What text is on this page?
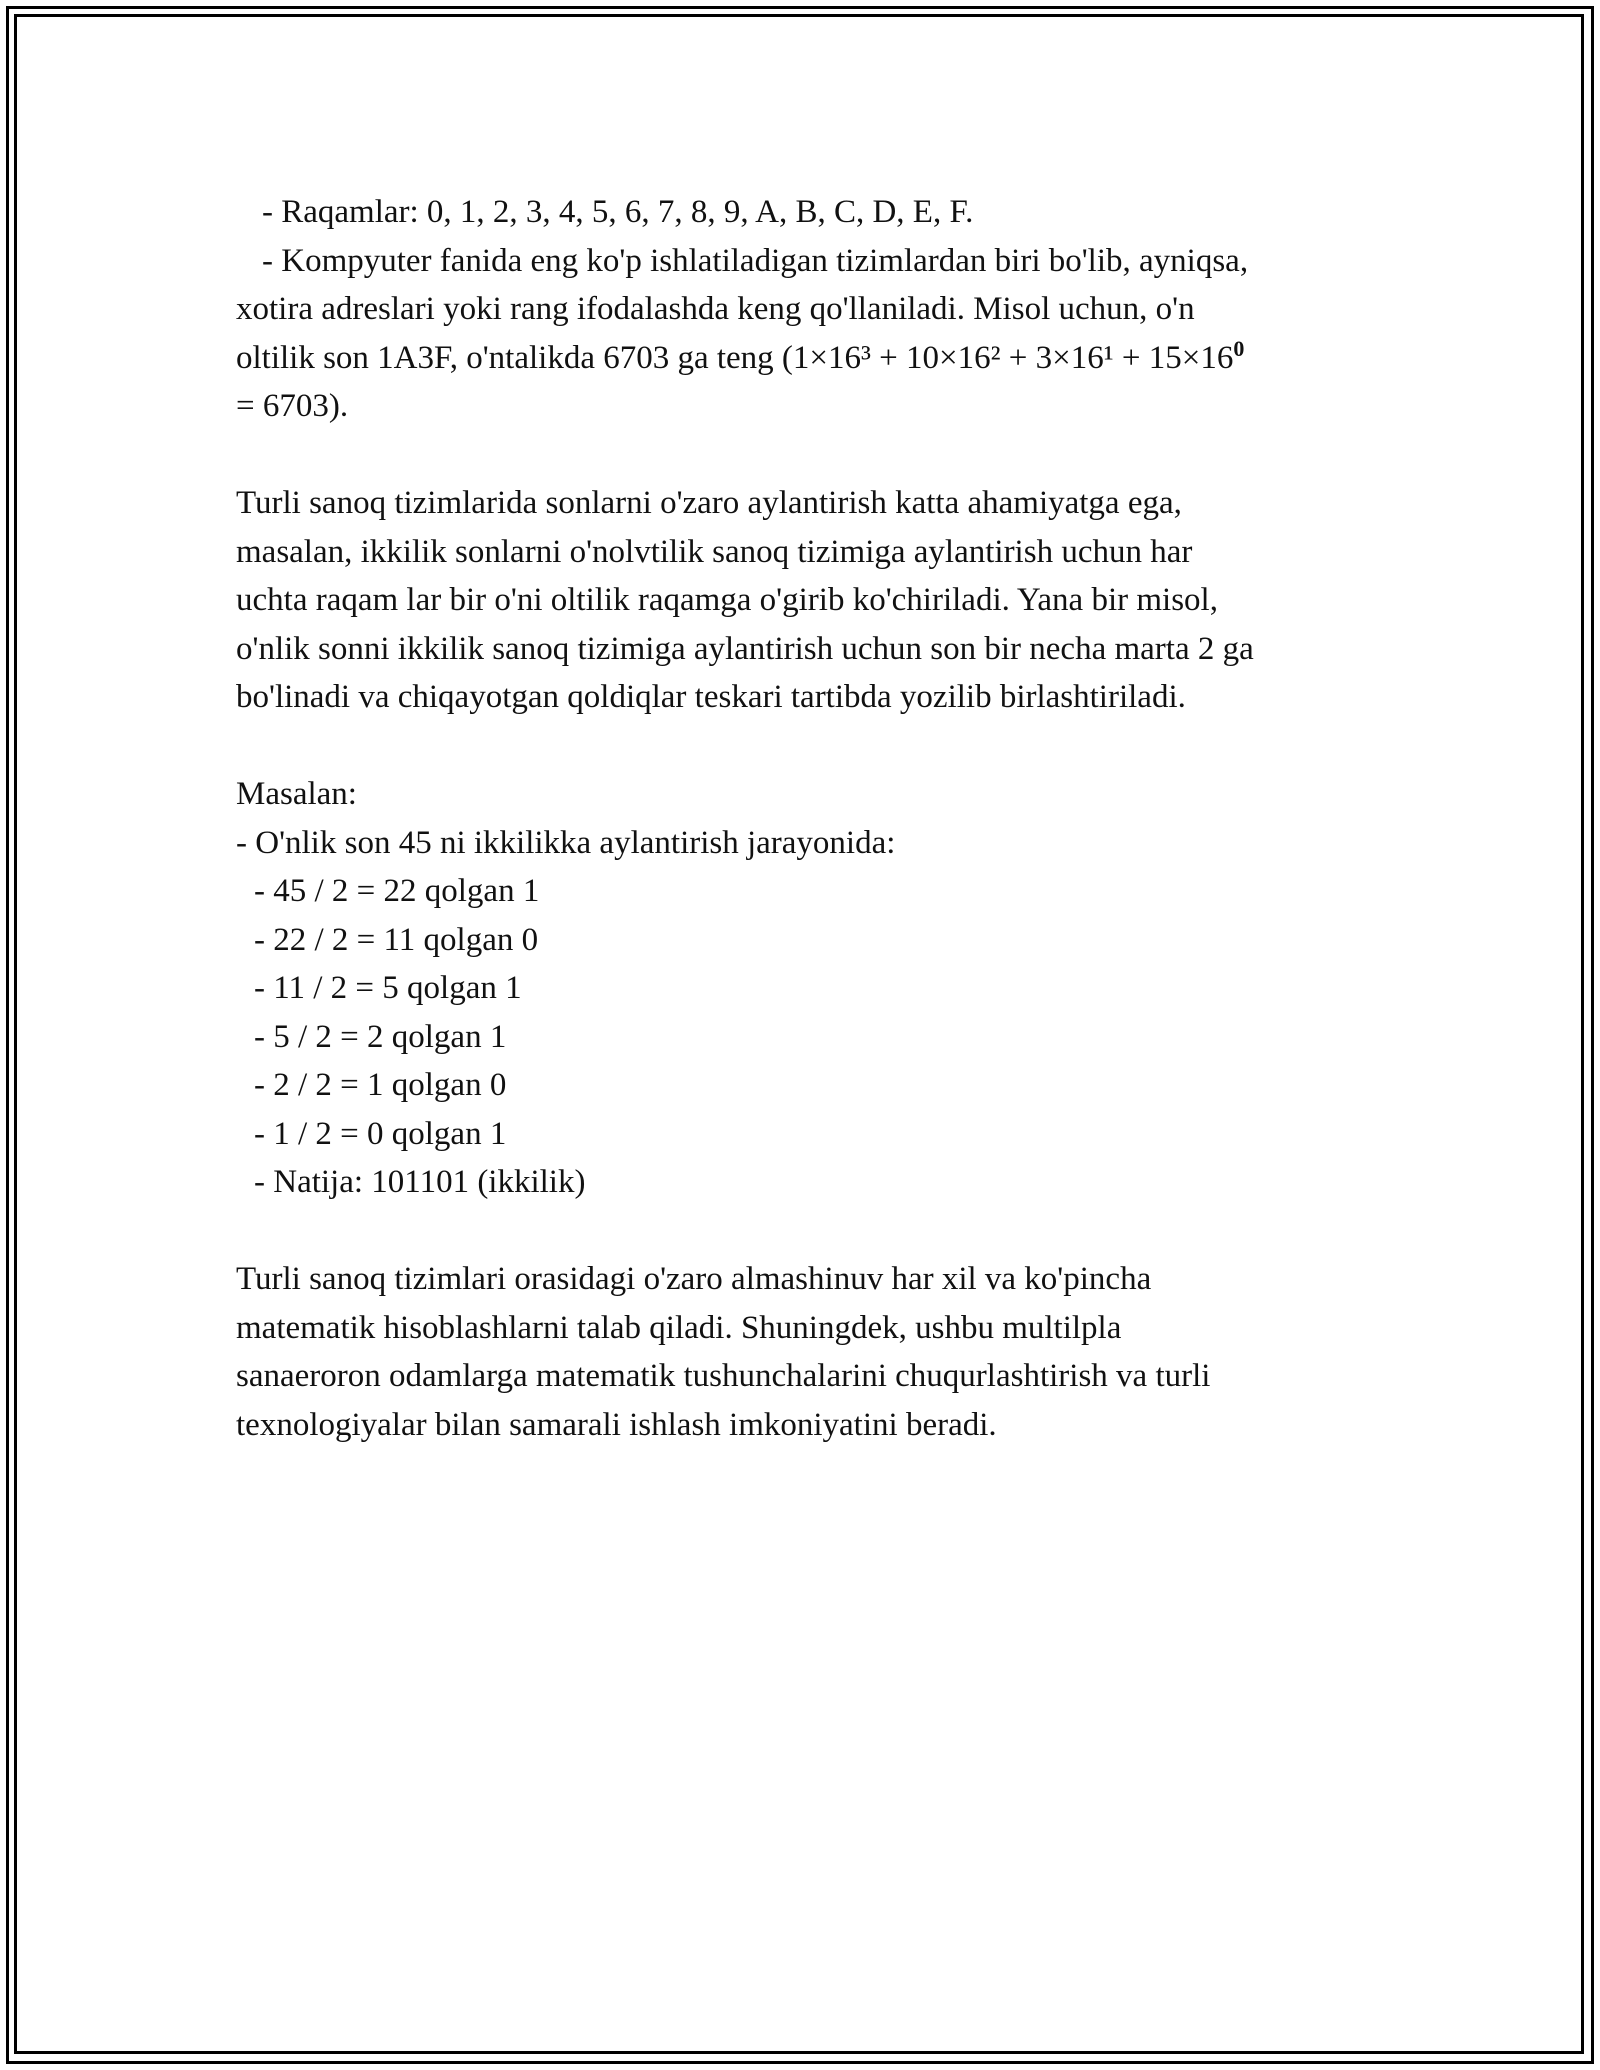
- Raqamlar: 0, 1, 2, 3, 4, 5, 6, 7, 8, 9, A, B, C, D, E, F.

- Kompyuter fanida eng ko'p ishlatiladigan tizimlardan biri bo'lib, ayniqsa,

xotira adreslari yoki rang ifodalashda keng qo'llaniladi. Misol uchun, o'n

oltilik son 1A3F, o'ntalikda 6703 ga teng ($1\times 16^3 + 10\times 16^2 + 3\times 16^1 + 15\times 16^0$

= 6703).

Turli sanoq tizimlarida sonlarni o'zaro aylantirish katta ahamiyatga ega,

masalan, ikkilik sonlarni o'nolvtilik sanoq tizimiga aylantirish uchun har

uchta raqam lar bir o'ni oltilik raqamga o'girib ko'chiriladi. Yana bir misol,

o'nlik sonni ikkilik sanoq tizimiga aylantirish uchun son bir necha marta 2 ga

bo'linadi va chiqayotgan qoldiqlar teskari tartibda yozilib birlashtiriladi.

Masalan:

- O'nlik son 45 ni ikkilikka aylantirish jarayonida:

- 45 / 2 = 22 qolgan 1

- 22 / 2 = 11 qolgan 0

- 11 / 2 = 5 qolgan 1

- 5 / 2 = 2 qolgan 1

- 2 / 2 = 1 qolgan 0

- 1 / 2 = 0 qolgan 1

- Natija: 101101 (ikkilik)

Turli sanoq tizimlari orasidagi o'zaro almashinuv har xil va ko'pincha

matematik hisoblashlarni talab qiladi. Shuningdek, ushbu multilpla

sanaeroron odamlarga matematik tushunchalarini chuqurlashtirish va turli

texnologiyalar bilan samarali ishlash imkoniyatini beradi.
